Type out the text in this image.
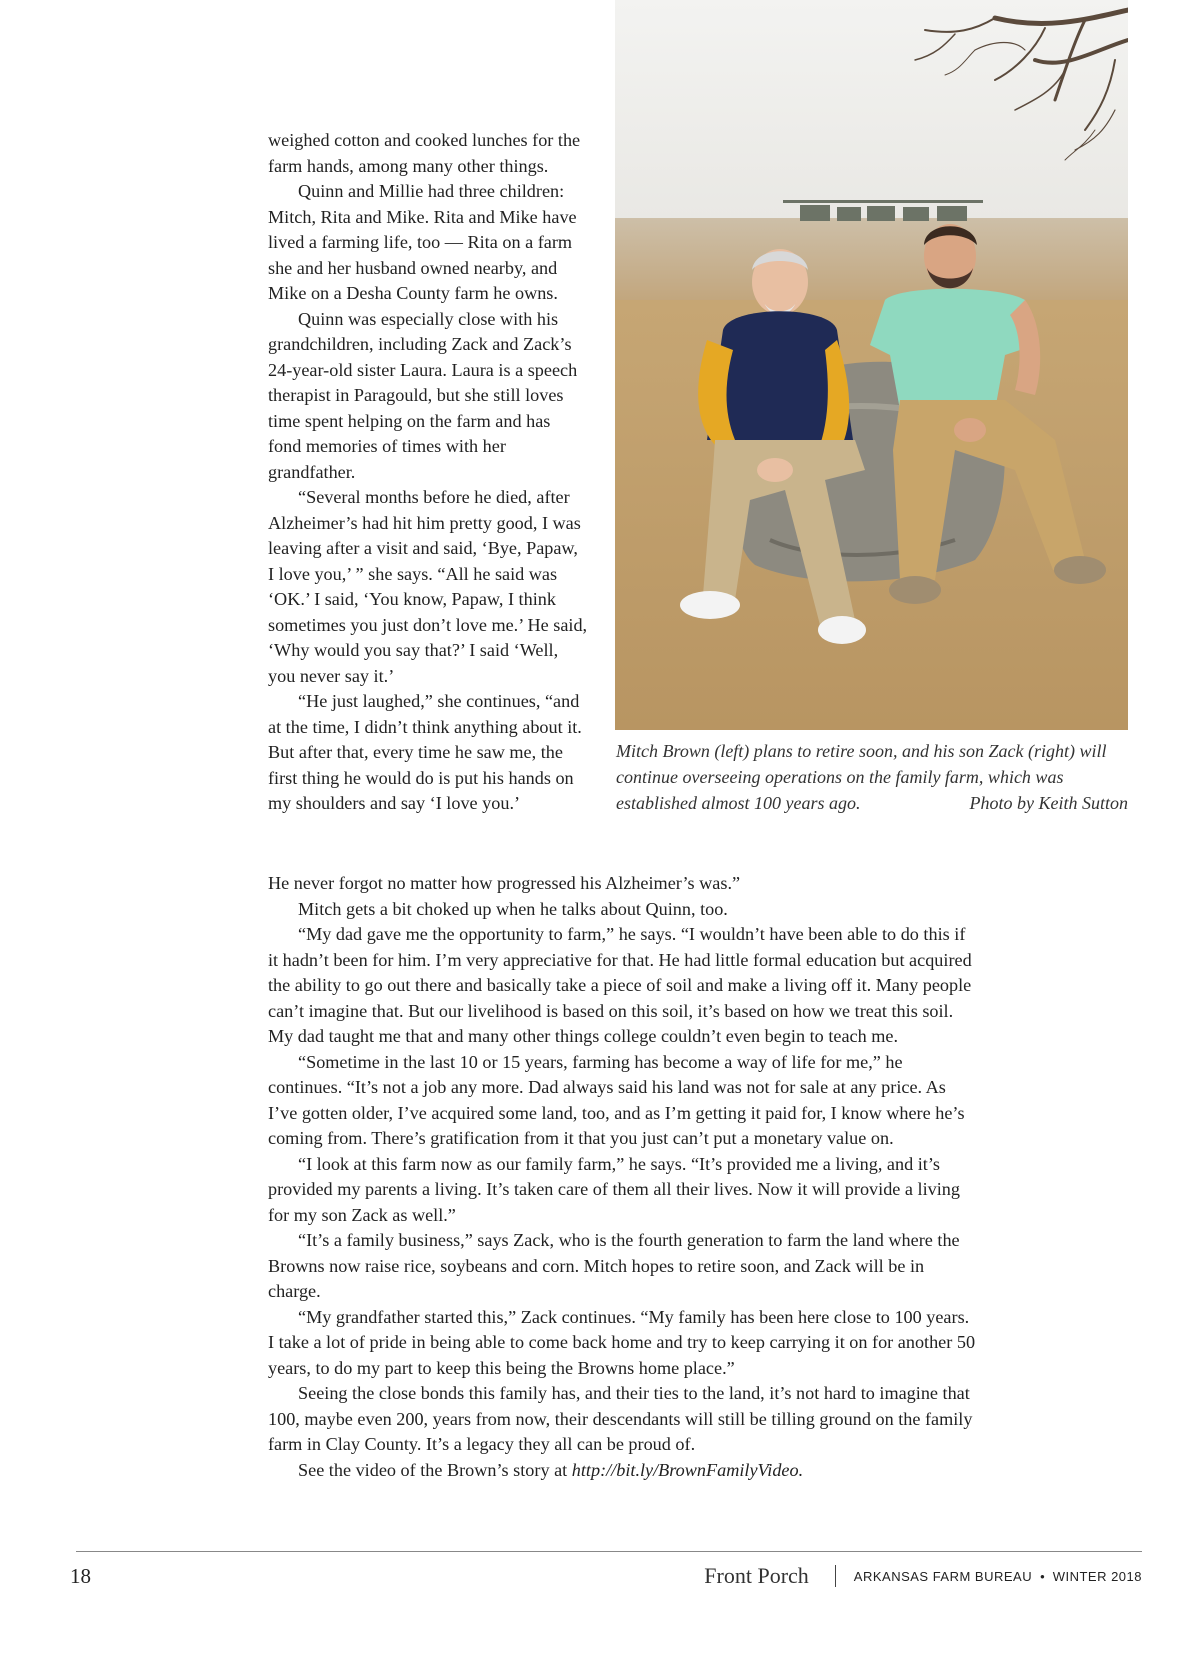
weighed cotton and cooked lunches for the farm hands, among many other things.

Quinn and Millie had three children: Mitch, Rita and Mike. Rita and Mike have lived a farming life, too — Rita on a farm she and her husband owned nearby, and Mike on a Desha County farm he owns.

Quinn was especially close with his grandchildren, including Zack and Zack’s 24-year-old sister Laura. Laura is a speech therapist in Paragould, but she still loves time spent helping on the farm and has fond memories of times with her grandfather.

“Several months before he died, after Alzheimer’s had hit him pretty good, I was leaving after a visit and said, ‘Bye, Papaw, I love you,’ ” she says. “All he said was ‘OK.’ I said, ‘You know, Papaw, I think sometimes you just don’t love me.’ He said, ‘Why would you say that?’ I said ‘Well, you never say it.’

“He just laughed,” she continues, “and at the time, I didn’t think anything about it. But after that, every time he saw me, the first thing he would do is put his hands on my shoulders and say ‘I love you.’

Mitch Brown (left) plans to retire soon, and his son Zack (right) will continue overseeing operations on the family farm, which was established almost 100 years ago.	Photo by Keith Sutton

He never forgot no matter how progressed his Alzheimer’s was.”

Mitch gets a bit choked up when he talks about Quinn, too.

“My dad gave me the opportunity to farm,” he says. “I wouldn’t have been able to do this if it hadn’t been for him. I’m very appreciative for that. He had little formal education but acquired the ability to go out there and basically take a piece of soil and make a living off it. Many people can’t imagine that. But our livelihood is based on this soil, it’s based on how we treat this soil. My dad taught me that and many other things college couldn’t even begin to teach me.

“Sometime in the last 10 or 15 years, farming has become a way of life for me,” he continues. “It’s not a job any more. Dad always said his land was not for sale at any price. As I’ve gotten older, I’ve acquired some land, too, and as I’m getting it paid for, I know where he’s coming from. There’s gratification from it that you just can’t put a monetary value on.

“I look at this farm now as our family farm,” he says. “It’s provided me a living, and it’s provided my parents a living. It’s taken care of them all their lives. Now it will provide a living for my son Zack as well.”

“It’s a family business,” says Zack, who is the fourth generation to farm the land where the Browns now raise rice, soybeans and corn. Mitch hopes to retire soon, and Zack will be in charge.

“My grandfather started this,” Zack continues. “My family has been here close to 100 years. I take a lot of pride in being able to come back home and try to keep carrying it on for another 50 years, to do my part to keep this being the Browns home place.”

Seeing the close bonds this family has, and their ties to the land, it’s not hard to imagine that 100, maybe even 200, years from now, their descendants will still be tilling ground on the family farm in Clay County. It’s a legacy they all can be proud of.

See the video of the Brown’s story at http://bit.ly/BrownFamilyVideo.

18	Front Porch	ARKANSAS FARM BUREAU • WINTER 2018
